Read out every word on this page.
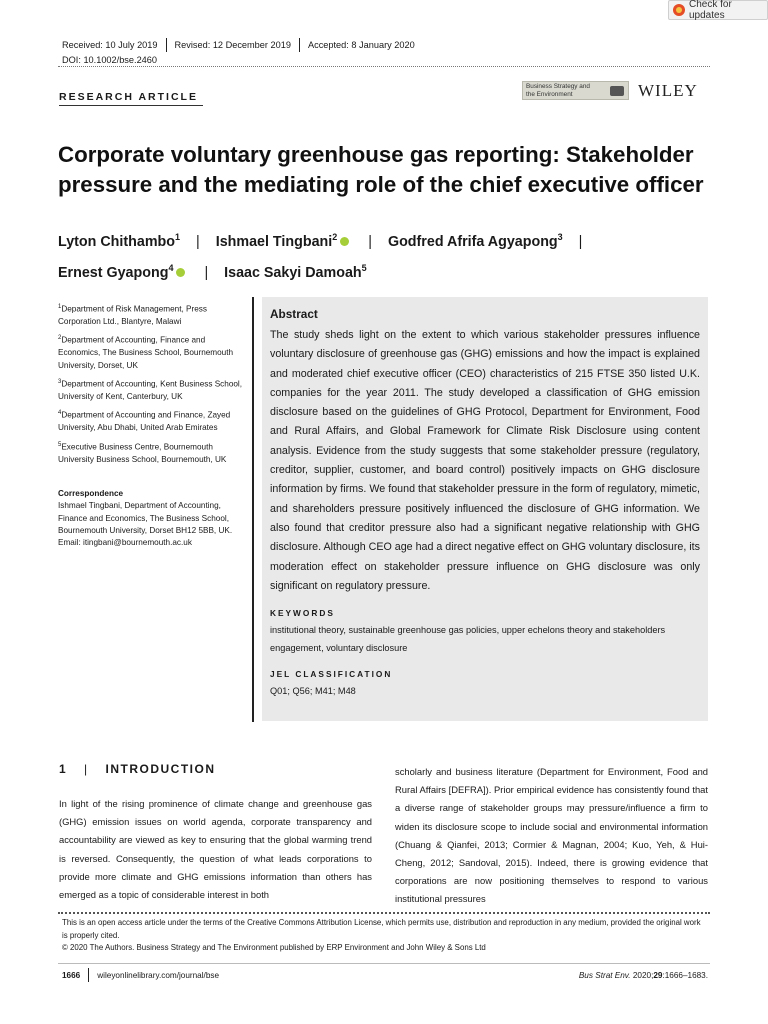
Check for updates
Received: 10 July 2019 Revised: 12 December 2019 Accepted: 8 January 2020
DOI: 10.1002/bse.2460
RESEARCH ARTICLE
Business Strategy and the Environment	WILEY
Corporate voluntary greenhouse gas reporting: Stakeholder pressure and the mediating role of the chief executive officer
Lyton Chithambo$^1$ | Ishmael Tingbani$^2$ | Godfred Afrifa Agyapong$^3$ |
Ernest Gyapong$^4$ | Isaac Sakyi Damoah$^5$

$^1$Department of Risk Management, Press Corporation Ltd., Blantyre, Malawi

$^2$Department of Accounting, Finance and Economics, The Business School, Bournemouth University, Dorset, UK

$^3$Department of Accounting, Kent Business School, University of Kent, Canterbury, UK

$^4$Department of Accounting and Finance, Zayed University, Abu Dhabi, United Arab Emirates

$^5$Executive Business Centre, Bournemouth University Business School, Bournemouth, UK

Correspondence
Ishmael Tingbani, Department of Accounting, Finance and Economics, The Business School, Bournemouth University, Dorset BH12 5BB, UK.
Email: itingbani@bournemouth.ac.uk
Abstract
The study sheds light on the extent to which various stakeholder pressures influence voluntary disclosure of greenhouse gas (GHG) emissions and how the impact is explained and moderated chief executive officer (CEO) characteristics of 215 FTSE 350 listed U.K. companies for the year 2011. The study developed a classification of GHG emission disclosure based on the guidelines of GHG Protocol, Department for Environment, Food and Rural Affairs, and Global Framework for Climate Risk Disclosure using content analysis. Evidence from the study suggests that some stakeholder pressure (regulatory, creditor, supplier, customer, and board control) positively impacts on GHG disclosure information by firms. We found that stakeholder pressure in the form of regulatory, mimetic, and shareholders pressure positively influenced the disclosure of GHG information. We also found that creditor pressure also had a significant negative relationship with GHG disclosure. Although CEO age had a direct negative effect on GHG voluntary disclosure, its moderation effect on stakeholder pressure influence on GHG disclosure was only significant on regulatory pressure.
KEYWORDS
institutional theory, sustainable greenhouse gas policies, upper echelons theory and stakeholders engagement, voluntary disclosure
JEL CLASSIFICATION
Q01; Q56; M41; M48
1 | INTRODUCTION
In light of the rising prominence of climate change and greenhouse gas (GHG) emission issues on world agenda, corporate transparency and accountability are viewed as key to ensuring that the global warming trend is reversed. Consequently, the question of what leads corporations to provide more climate and GHG emissions information than others has emerged as a topic of considerable interest in both
scholarly and business literature (Department for Environment, Food and Rural Affairs [DEFRA]). Prior empirical evidence has consistently found that a diverse range of stakeholder groups may pressure/influence a firm to widen its disclosure scope to include social and environmental information (Chuang & Qianfei, 2013; Cormier & Magnan, 2004; Kuo, Yeh, & Hui-Cheng, 2012; Sandoval, 2015). Indeed, there is growing evidence that corporations are now positioning themselves to respond to various institutional pressures
This is an open access article under the terms of the Creative Commons Attribution License, which permits use, distribution and reproduction in any medium, provided the original work is properly cited.
© 2020 The Authors. Business Strategy and The Environment published by ERP Environment and John Wiley & Sons Ltd
1666 wileyonlinelibrary.com/journal/bse	Bus Strat Env. 2020;29:1666–1683.
